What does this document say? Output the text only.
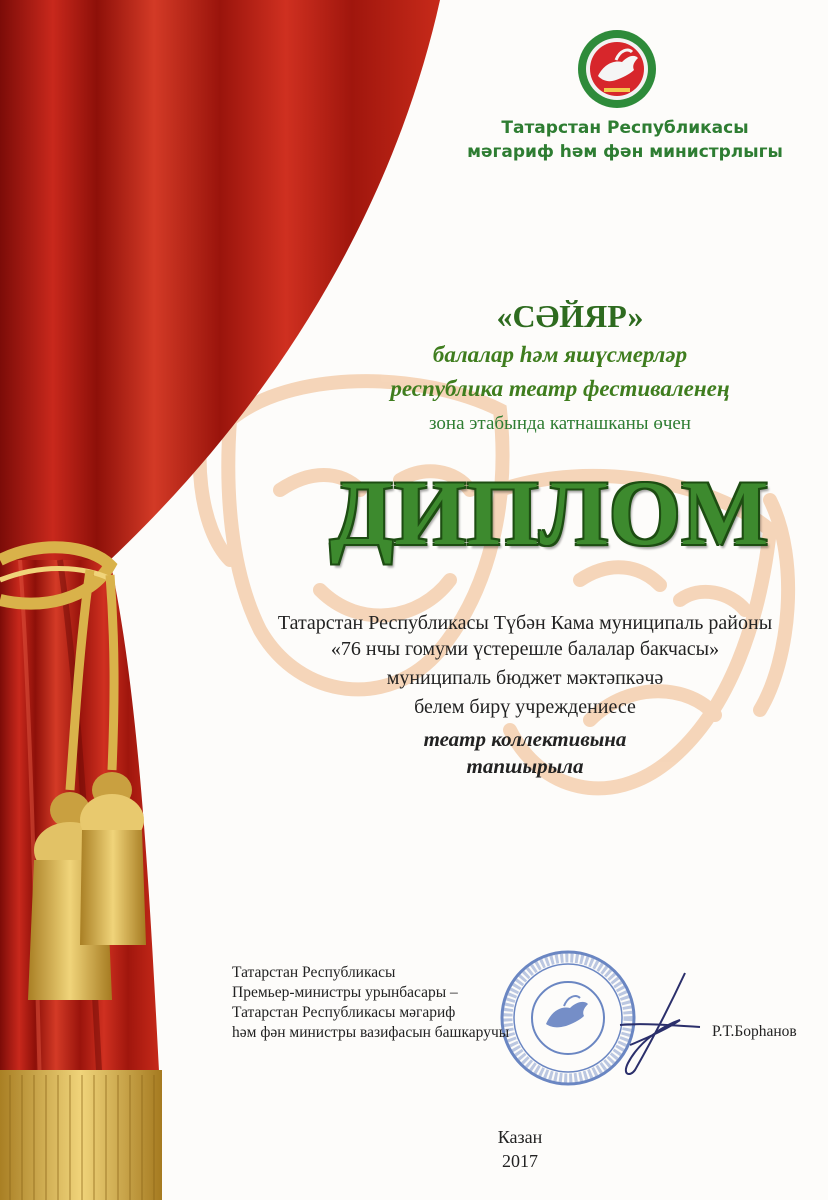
Татарстан Республикасы
мәгариф һәм фән министрлыгы
«СӘЙЯР»
балалар һәм яшүсмерләр
республика театр фестиваленең
зона этабында катнашканы өчен
ДИПЛОМ
Татарстан Республикасы Түбән Кама муниципаль районы
«76 нчы гомуми үстерешле балалар бакчасы»
муниципаль бюджет мәктәпкәчә
белем бирү учреждениесе
театр коллективына
тапшырыла
Татарстан Республикасы
Премьер-министры урынбасары –
Татарстан Республикасы мәгариф
һәм фән министры вазифасын башкаручы	Р.Т.Борһанов
Казан
2017
